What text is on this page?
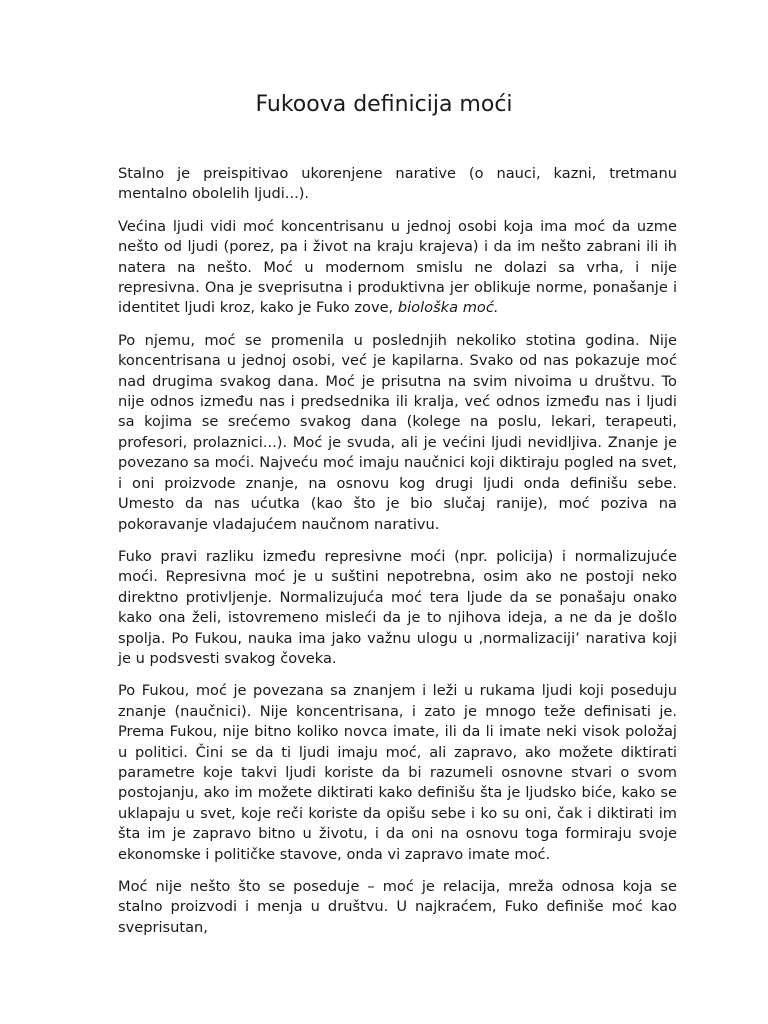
Fukoova definicija moći

Stalno je preispitivao ukorenjene narative (o nauci, kazni, tretmanu mentalno obolelih ljudi...).

Većina ljudi vidi moć koncentrisanu u jednoj osobi koja ima moć da uzme nešto od ljudi (porez, pa i život na kraju krajeva) i da im nešto zabrani ili ih natera na nešto. Moć u modernom smislu ne dolazi sa vrha, i nije represivna. Ona je sveprisutna i produktivna jer oblikuje norme, ponašanje i identitet ljudi kroz, kako je Fuko zove, biološka moć.

Po njemu, moć se promenila u poslednjih nekoliko stotina godina. Nije koncentrisana u jednoj osobi, već je kapilarna. Svako od nas pokazuje moć nad drugima svakog dana. Moć je prisutna na svim nivoima u društvu. To nije odnos između nas i predsednika ili kralja, već odnos između nas i ljudi sa kojima se srećemo svakog dana (kolege na poslu, lekari, terapeuti, profesori, prolaznici...). Moć je svuda, ali je većini ljudi nevidljiva. Znanje je povezano sa moći. Najveću moć imaju naučnici koji diktiraju pogled na svet, i oni proizvode znanje, na osnovu kog drugi ljudi onda definišu sebe. Umesto da nas ućutka (kao što je bio slučaj ranije), moć poziva na pokoravanje vladajućem naučnom narativu.

Fuko pravi razliku između represivne moći (npr. policija) i normalizujuće moći. Represivna moć je u suštini nepotrebna, osim ako ne postoji neko direktno protivljenje. Normalizujuća moć tera ljude da se ponašaju onako kako ona želi, istovremeno misleći da je to njihova ideja, a ne da je došlo spolja. Po Fukou, nauka ima jako važnu ulogu u ‚normalizaciji’ narativa koji je u podsvesti svakog čoveka.

Po Fukou, moć je povezana sa znanjem i leži u rukama ljudi koji poseduju znanje (naučnici). Nije koncentrisana, i zato je mnogo teže definisati je. Prema Fukou, nije bitno koliko novca imate, ili da li imate neki visok položaj u politici. Čini se da ti ljudi imaju moć, ali zapravo, ako možete diktirati parametre koje takvi ljudi koriste da bi razumeli osnovne stvari o svom postojanju, ako im možete diktirati kako definišu šta je ljudsko biće, kako se uklapaju u svet, koje reči koriste da opišu sebe i ko su oni, čak i diktirati im šta im je zapravo bitno u životu, i da oni na osnovu toga formiraju svoje ekonomske i političke stavove, onda vi zapravo imate moć.

Moć nije nešto što se poseduje – moć je relacija, mreža odnosa koja se stalno proizvodi i menja u društvu. U najkraćem, Fuko definiše moć kao sveprisutan,
